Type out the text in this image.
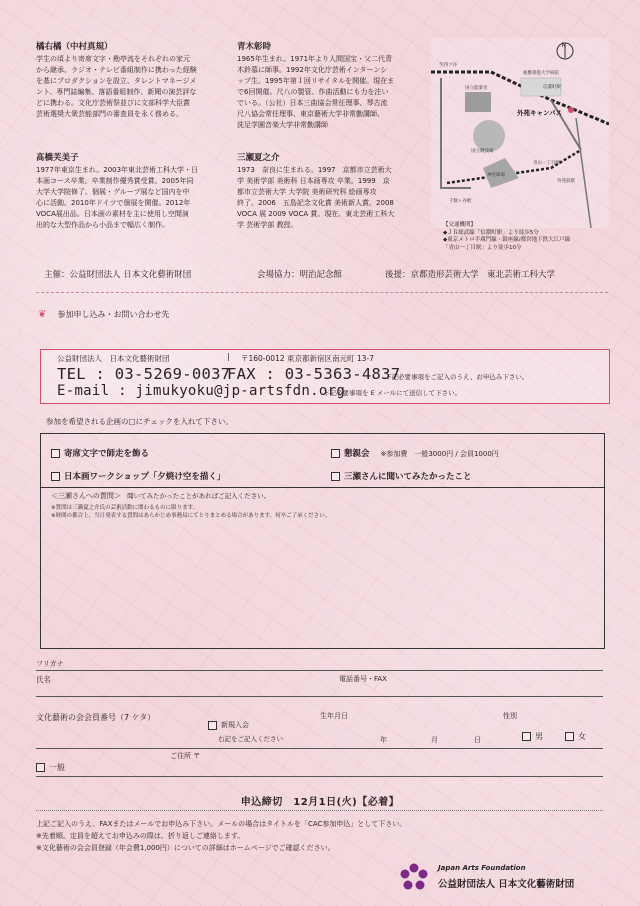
橘右橘（中村真規）
学生の頃より寄席文字・勘亭流をそれぞれの家元
から継承。ラジオ・テレビ番組制作に携わった経験
を基にプロダクションを設立、タレントマネージメ
ント、専門誌編集、落語番組制作、新聞の演芸評な
どに携わる。文化庁芸術祭並びに文部科学大臣賞
芸術選奨大衆芸能部門の審査員を永く務める。
青木彰時
1965年生まれ。1971年より人間国宝・父二代青
木鈴慕に師事。1992年文化庁芸術インターンシ
ップ生。1995年第１回リサイタルを開催。現在ま
で6回開催。尺八の製管、作曲活動にも力を注い
でいる。（公社）日本三曲協会常任理事、琴古流
尺八協会常任理事、東京藝術大学非常勤講師、
洗足学園音楽大学非常勤講師
髙橋芙美子
1977年東京生まれ。2003年東北芸術工科大学・日
本画コース卒業。卒業制作優秀賞受賞。2005年同
大学大学院修了。個展・グループ展など国内を中
心に活動。2010年ドイツで個展を開催。2012年
VOCA展出品。日本画の素材を主に使用し空間演
出的な大型作品から小品まで幅広く制作。
三瀬夏之介
1973　奈良に生まれる。1997　京都市立芸術大
学 美術学部 美術科 日本画専攻 卒業。1999　京
都市立芸術大学 大学院 美術研究科 絵画専攻
終了。2006　五島記念文化賞 美術新人賞。2008
VOCA 展 2009 VOCA 賞。現在、東北芸術工科大
学 芸術学部 教授。
N
外苑キャンパス
至四ツ谷
国立競技場
国立能楽堂
神宮球場
青山一丁目駅
外苑前駅
信濃町駅
千駄ヶ谷駅
慶應義塾大学病院
【交通機関】
◆ＪＲ総武線「信濃町駅」より徒歩5分
◆東京メトロ半蔵門線・銀座線/都営地下鉄大江戸線
「青山一丁目駅」より徒歩10分
主催：公益財団法人 日本文化藝術財団	会場協力：明治記念館	後援：京都造形芸術大学　東北芸術工科大学
❦ 参加申し込み・お問い合わせ先
公益財団法人　日本文化藝術財団	| 〒160-0012 東京都新宿区南元町 13-7
TEL : 03-5269-0037
FAX : 03-5363-4837
下記必要事項をご記入のうえ、お申込み下さい。
E-mail : jimukyoku@jp-artsfdn.org
下記必要事項を E メールにて送信して下さい。
参加を希望される企画の□にチェックを入れて下さい。
寄席文字で師走を飾る	懇親会 ※参加費　一般3000円 / 会員1000円
日本画ワークショップ「夕焼け空を描く」	三瀬さんに聞いてみたかったこと
＜三瀬さんへの質問＞ 聞いてみたかったことがあればご記入ください。
※質問は三瀬夏之介氏の芸術活動に関わるものに限ります。
※時間の都合上、当日発表する質問はあらかじめ事務局にてとりまとめる場合があります。何卒ご了承ください。
フリガナ
氏名	電話番号・FAX
文化藝術の会会員番号（7 ケタ）
新規入会
右記をご記入ください
生年月日
年	月	日
性別
男	女
ご住所 〒
一般
申込締切　12月1日(火)【必着】
上記ご記入のうえ、FAXまたはメールでお申込み下さい。メールの場合はタイトルを「CAC参加申込」として下さい。
※先着順。定員を超えてお申込みの際は、折り返しご連絡します。
※文化藝術の会会員登録（年会費1,000円）についての詳細はホームページでご確認ください。
Japan Arts Foundation
公益財団法人 日本文化藝術財団
